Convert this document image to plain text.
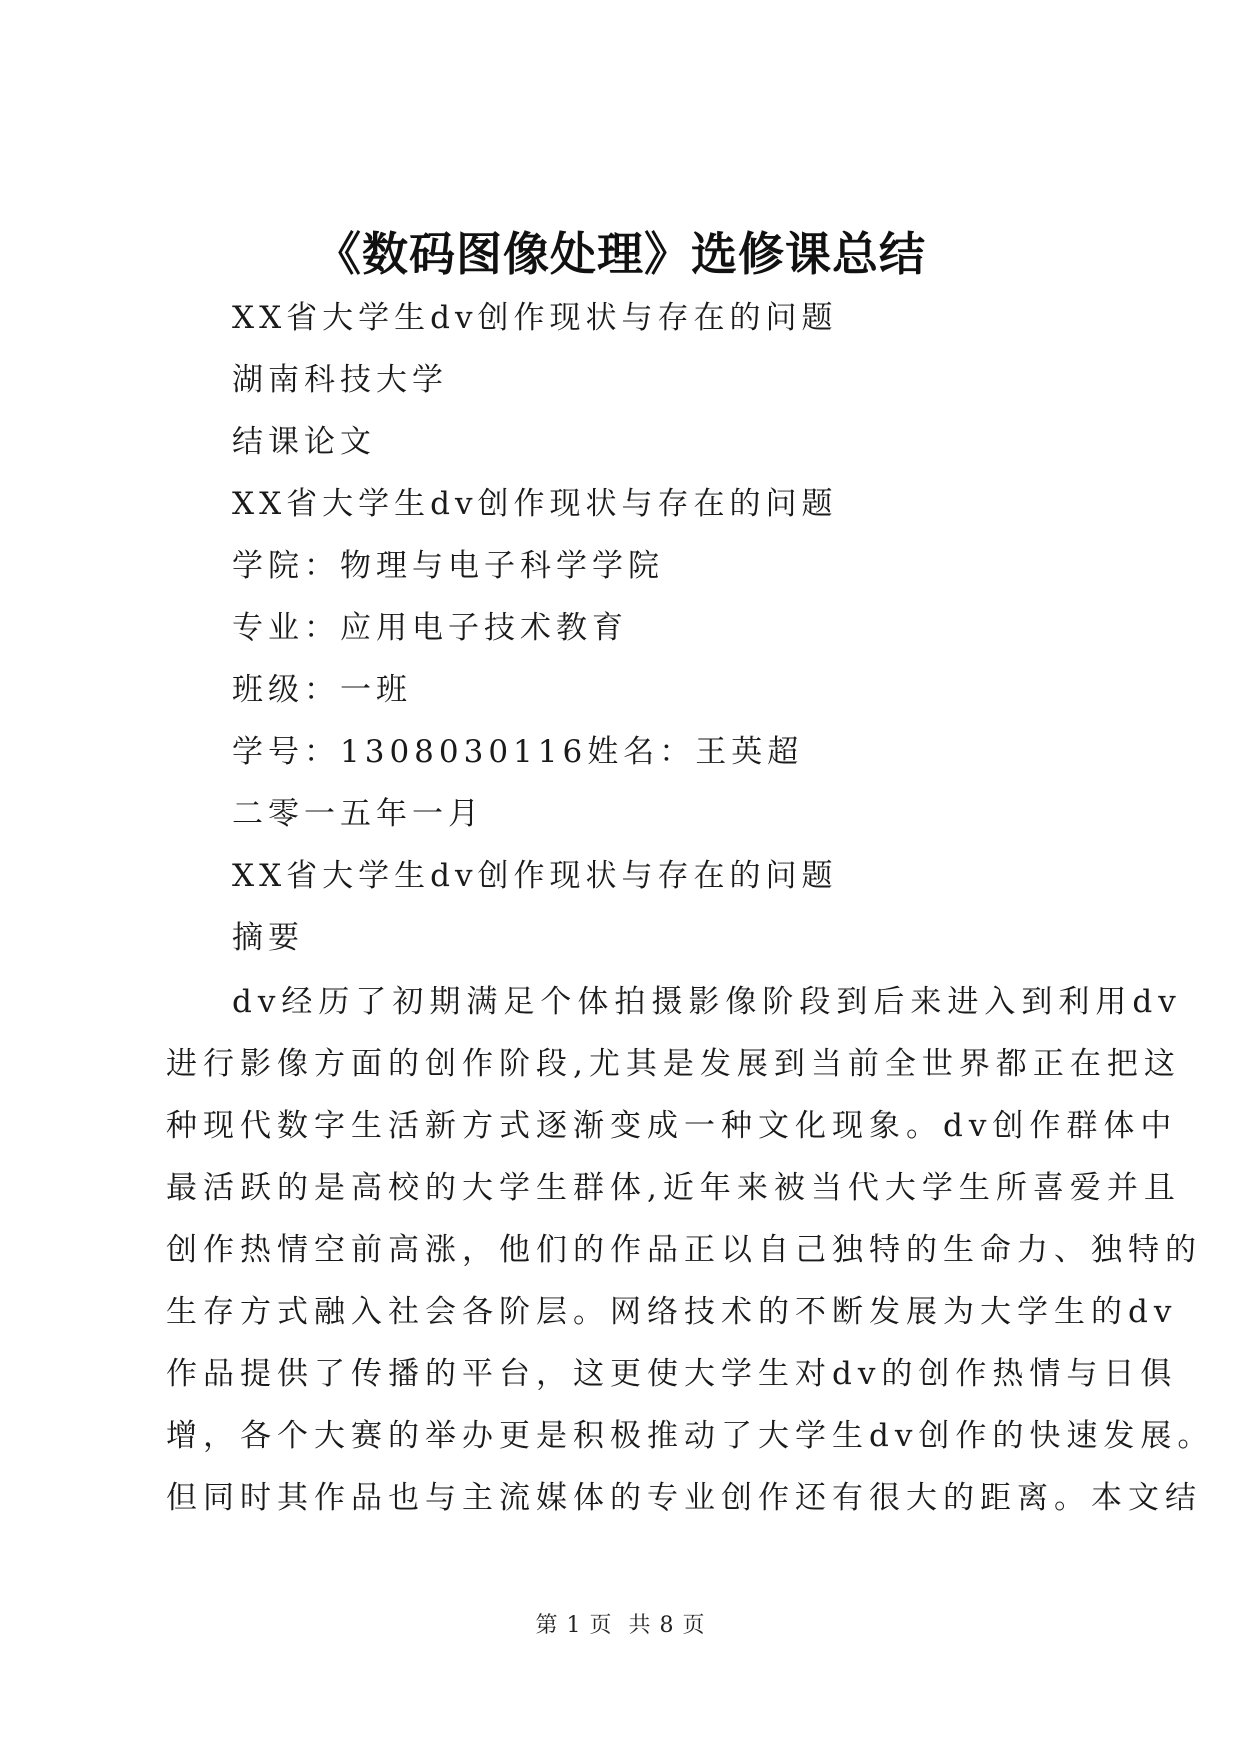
《数码图像处理》选修课总结
XX省大学生dv创作现状与存在的问题
湖南科技大学
结课论文
XX省大学生dv创作现状与存在的问题
学院：物理与电子科学学院
专业：应用电子技术教育
班级：一班
学号：1308030116姓名：王英超
二零一五年一月
XX省大学生dv创作现状与存在的问题
摘要
dv经历了初期满足个体拍摄影像阶段到后来进入到利用dv
进行影像方面的创作阶段,尤其是发展到当前全世界都正在把这
种现代数字生活新方式逐渐变成一种文化现象。dv创作群体中
最活跃的是高校的大学生群体,近年来被当代大学生所喜爱并且
创作热情空前高涨，他们的作品正以自己独特的生命力、独特的
生存方式融入社会各阶层。网络技术的不断发展为大学生的dv
作品提供了传播的平台，这更使大学生对dv的创作热情与日俱
增，各个大赛的举办更是积极推动了大学生dv创作的快速发展。
但同时其作品也与主流媒体的专业创作还有很大的距离。本文结
第 1 页 共 8 页
